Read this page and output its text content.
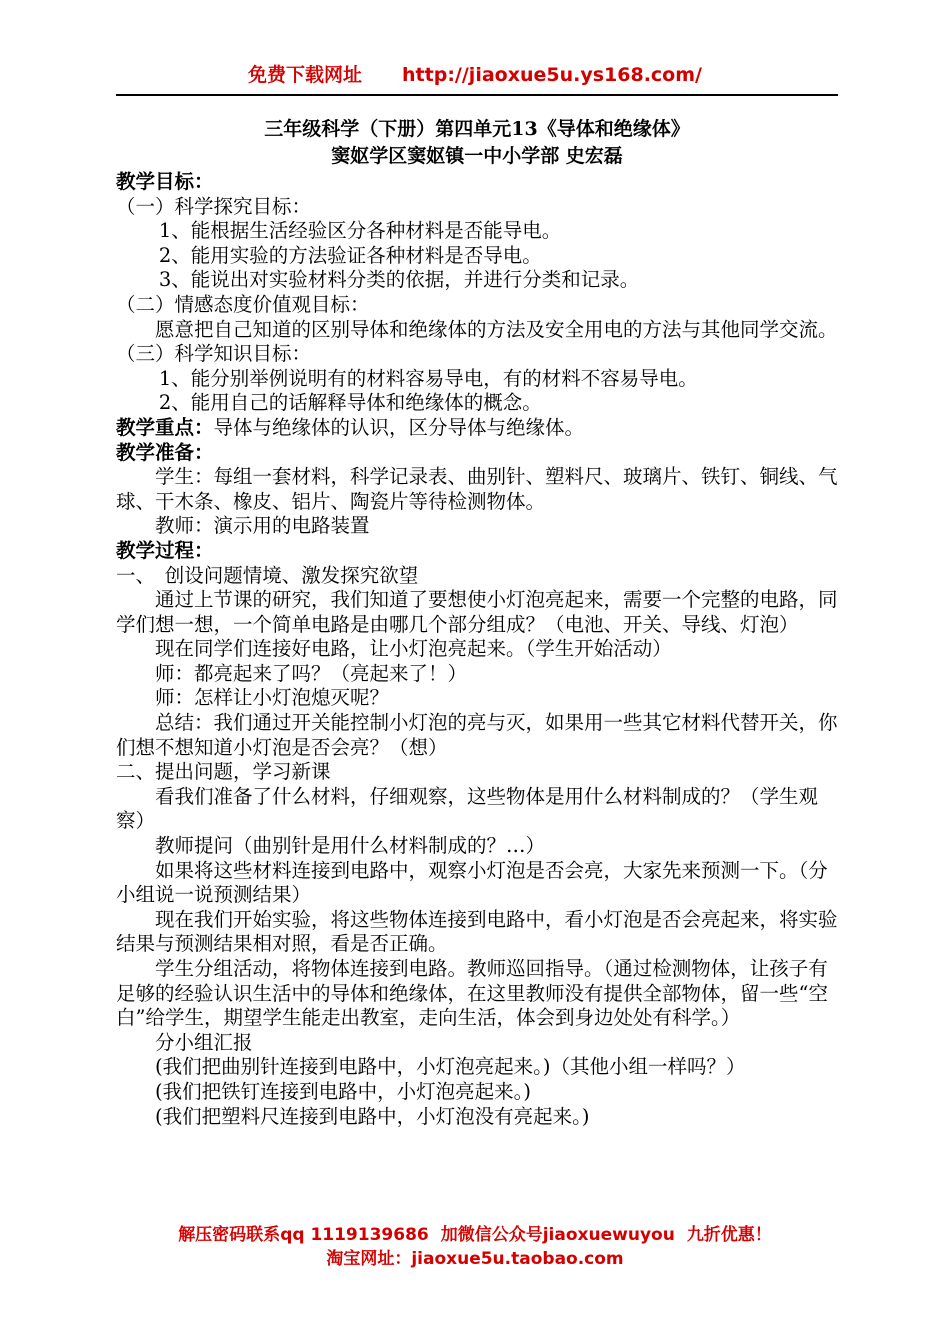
免费下载网址 http://jiaoxue5u.ys168.com/
三年级科学（下册）第四单元13《导体和绝缘体》
窦妪学区窦妪镇一中小学部 史宏磊
教学目标：
（一）科学探究目标：
1、能根据生活经验区分各种材料是否能导电。
2、能用实验的方法验证各种材料是否导电。
3、能说出对实验材料分类的依据，并进行分类和记录。
（二）情感态度价值观目标：
愿意把自己知道的区别导体和绝缘体的方法及安全用电的方法与其他同学交流。
（三）科学知识目标：
1、能分别举例说明有的材料容易导电，有的材料不容易导电。
2、能用自己的话解释导体和绝缘体的概念。
教学重点：导体与绝缘体的认识，区分导体与绝缘体。
教学准备：
学生：每组一套材料，科学记录表、曲别针、塑料尺、玻璃片、铁钉、铜线、气球、干木条、橡皮、铝片、陶瓷片等待检测物体。
教师：演示用的电路装置
教学过程：
一、　创设问题情境、激发探究欲望
通过上节课的研究，我们知道了要想使小灯泡亮起来，需要一个完整的电路，同学们想一想，一个简单电路是由哪几个部分组成？（电池、开关、导线、灯泡）
现在同学们连接好电路，让小灯泡亮起来。（学生开始活动）
师：都亮起来了吗？（亮起来了！）
师：怎样让小灯泡熄灭呢？
总结：我们通过开关能控制小灯泡的亮与灭，如果用一些其它材料代替开关，你们想不想知道小灯泡是否会亮？（想）
二、提出问题，学习新课
看我们准备了什么材料，仔细观察，这些物体是用什么材料制成的？（学生观察）
教师提问（曲别针是用什么材料制成的？…）
如果将这些材料连接到电路中，观察小灯泡是否会亮，大家先来预测一下。（分小组说一说预测结果）
现在我们开始实验，将这些物体连接到电路中，看小灯泡是否会亮起来，将实验结果与预测结果相对照，看是否正确。
学生分组活动，将物体连接到电路。教师巡回指导。（通过检测物体，让孩子有足够的经验认识生活中的导体和绝缘体，在这里教师没有提供全部物体，留一些“空白”给学生，期望学生能走出教室，走向生活，体会到身边处处有科学。）
分小组汇报
(我们把曲别针连接到电路中，小灯泡亮起来。)（其他小组一样吗？）
(我们把铁钉连接到电路中，小灯泡亮起来。)
(我们把塑料尺连接到电路中，小灯泡没有亮起来。)
解压密码联系qq 1119139686 加微信公众号jiaoxuewuyou 九折优惠！
淘宝网址：jiaoxue5u.taobao.com
